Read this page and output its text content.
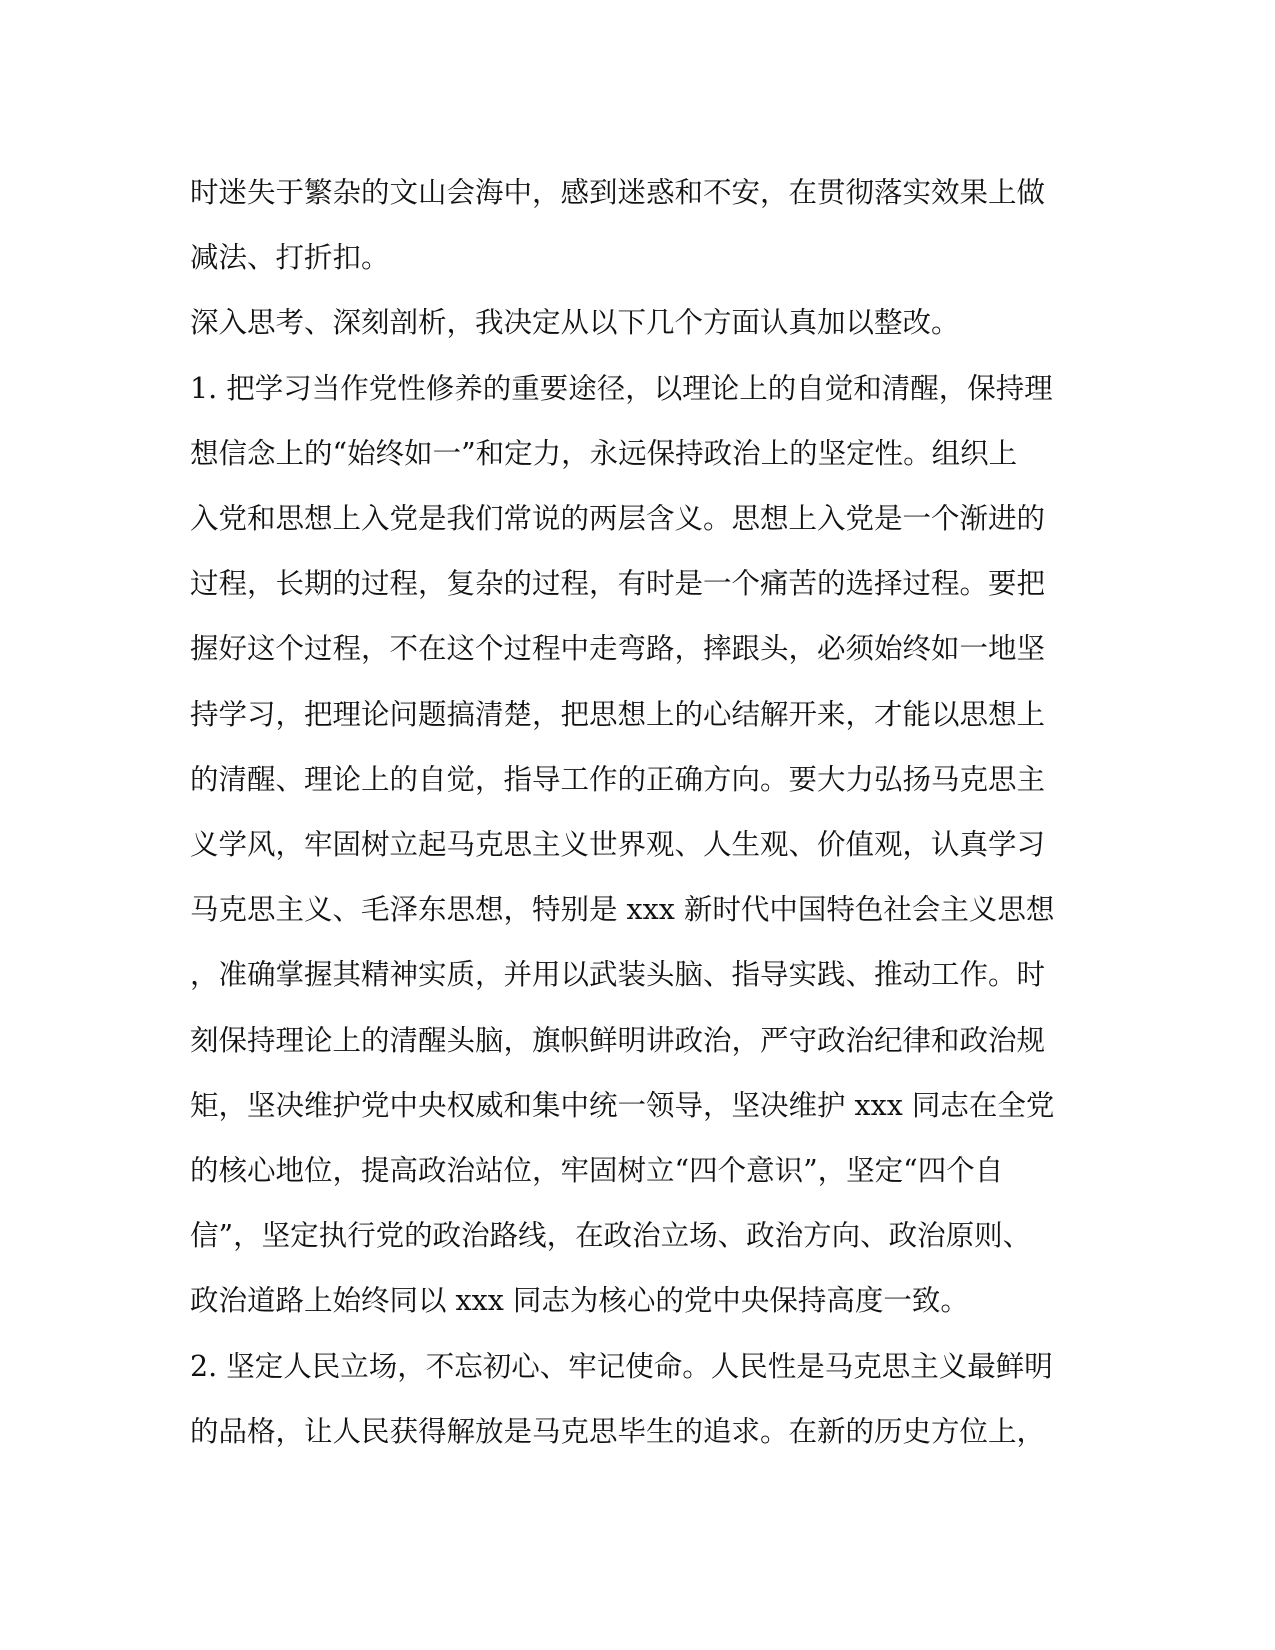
时迷失于繁杂的文山会海中，感到迷惑和不安，在贯彻落实效果上做
减法、打折扣。

深入思考、深刻剖析，我决定从以下几个方面认真加以整改。

1. 把学习当作党性修养的重要途径，以理论上的自觉和清醒，保持理
想信念上的“始终如一”和定力，永远保持政治上的坚定性。组织上
入党和思想上入党是我们常说的两层含义。思想上入党是一个渐进的
过程，长期的过程，复杂的过程，有时是一个痛苦的选择过程。要把
握好这个过程，不在这个过程中走弯路，摔跟头，必须始终如一地坚
持学习，把理论问题搞清楚，把思想上的心结解开来，才能以思想上
的清醒、理论上的自觉，指导工作的正确方向。要大力弘扬马克思主
义学风，牢固树立起马克思主义世界观、人生观、价值观，认真学习
马克思主义、毛泽东思想，特别是 xxx 新时代中国特色社会主义思想
，准确掌握其精神实质，并用以武装头脑、指导实践、推动工作。时
刻保持理论上的清醒头脑，旗帜鲜明讲政治，严守政治纪律和政治规
矩，坚决维护党中央权威和集中统一领导，坚决维护 xxx 同志在全党
的核心地位，提高政治站位，牢固树立“四个意识”，坚定“四个自
信”，坚定执行党的政治路线，在政治立场、政治方向、政治原则、
政治道路上始终同以 xxx 同志为核心的党中央保持高度一致。

2. 坚定人民立场，不忘初心、牢记使命。人民性是马克思主义最鲜明
的品格，让人民获得解放是马克思毕生的追求。在新的历史方位上，
